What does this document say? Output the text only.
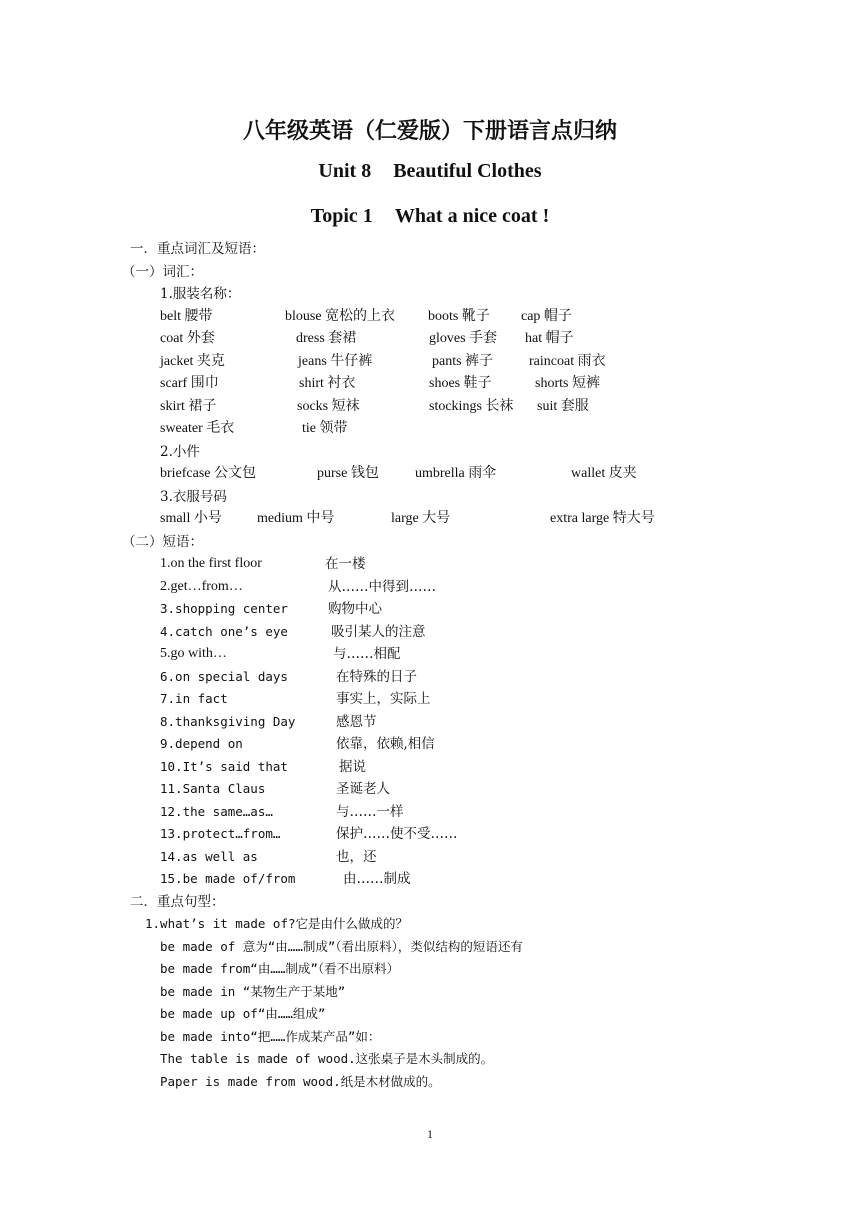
八年级英语（仁爱版）下册语言点归纳
Unit 8 Beautiful Clothes
Topic 1 What a nice coat !
一．重点词汇及短语：
（一）词汇：
1.服装名称：
belt 腰带	blouse 宽松的上衣 boots 靴子 cap 帽子
coat 外套	dress 套裙	gloves 手套 hat 帽子
jacket 夹克	jeans 牛仔裤	pants 裤子	raincoat 雨衣
scarf 围巾	shirt 衬衣	shoes 鞋子	shorts 短裤
skirt 裙子	socks 短袜	stockings 长袜 suit 套服
sweater 毛衣	tie 领带
2.小件
briefcase 公文包	purse 钱包	umbrella 雨伞	wallet 皮夹
3.衣服号码
small 小号	medium 中号	large 大号	extra large 特大号
（二）短语：
1.on the first floor	在一楼
2.get…from…	从……中得到……
3.shopping center	购物中心
4.catch one’s eye	吸引某人的注意
5.go with…	与……相配
6.on special days	在特殊的日子
7.in fact	事实上，实际上
8.thanksgiving Day	感恩节
9.depend on	依靠，依赖,相信
10.It’s said that	据说
11.Santa Claus	圣诞老人
12.the same…as…	与……一样
13.protect…from…	保护……使不受……
14.as well as	也，还
15.be made of/from	由……制成
二．重点句型：
1.what’s it made of?它是由什么做成的？
be made of 意为“由……制成”（看出原料），类似结构的短语还有
be made from“由……制成”（看不出原料）
be made in “某物生产于某地”
be made up of“由……组成”
be made into“把……作成某产品”如：
The table is made of wood.这张桌子是木头制成的。
Paper is made from wood.纸是木材做成的。
1
